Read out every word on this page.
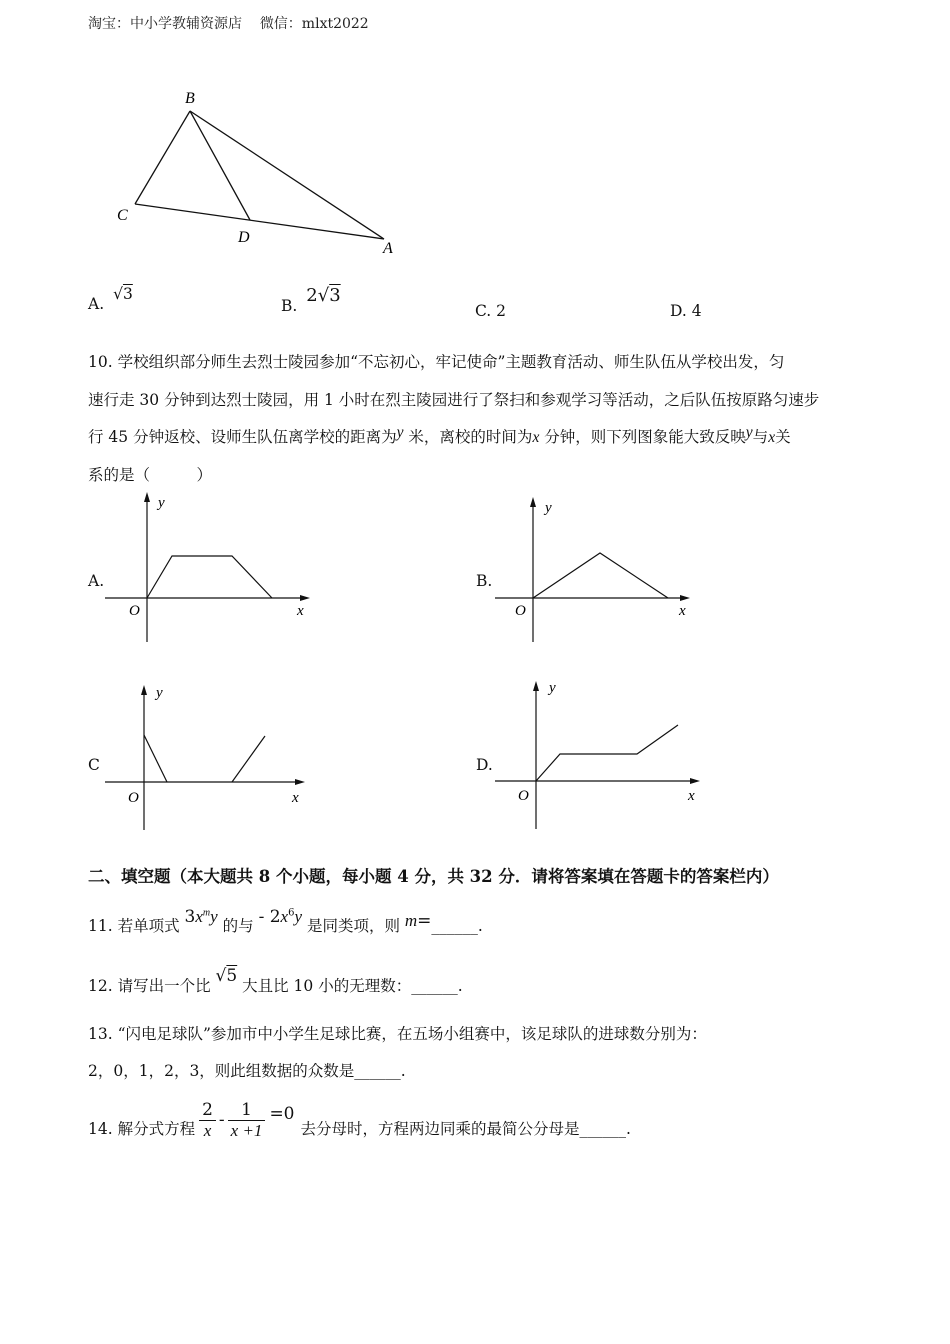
淘宝：中小学教辅资源店 微信：mlxt2022
B
C
D
A
A. √3
B. 2√3
C. 2	D. 4
10. 学校组织部分师生去烈士陵园参加“不忘初心，牢记使命”主题教育活动、师生队伍从学校出发，匀
速行走 30 分钟到达烈士陵园，用 1 小时在烈主陵园进行了祭扫和参观学习等活动，之后队伍按原路匀速步
行 45 分钟返校、设师生队伍离学校的距离为y 米，离校的时间为x 分钟，则下列图象能大致反映y与x关
系的是（　　　）
A.
y
x
O
B.
y
x
O
C
y
x
O
D.
y
x
O
二、填空题（本大题共 8 个小题，每小题 4 分，共 32 分．请将答案填在答题卡的答案栏内）
11. 若单项式 $3x^my$ 的与 - $2x^6y$ 是同类项，则 m=______.
12. 请写出一个比 √5 大且比 10 小的无理数：______.
13. “闪电足球队”参加市中小学生足球比赛，在五场小组赛中，该足球队的进球数分别为：
2，0，1，2，3，则此组数据的众数是______.
14. 解分式方程 $\frac{2}{x} - \frac{1}{x +1} =0$
去分母时，方程两边同乘的最简公分母是______.
